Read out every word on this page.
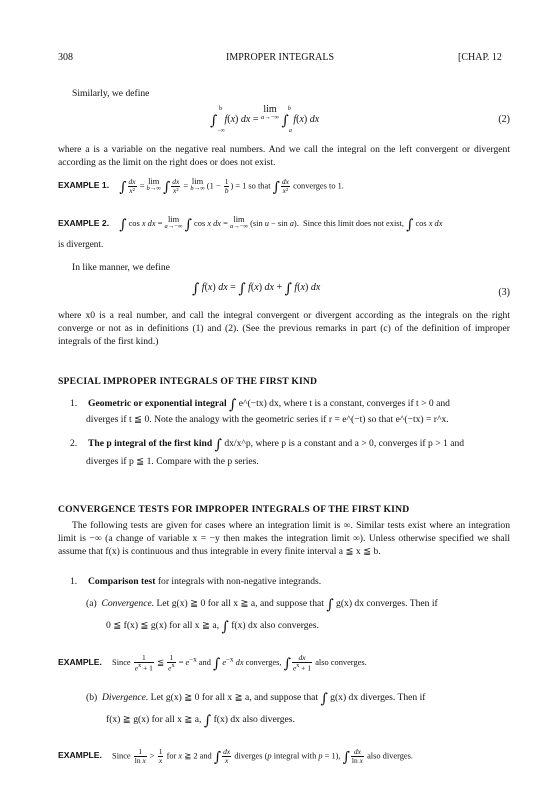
308	IMPROPER INTEGRALS	[CHAP. 12
Similarly, we define
$\int_{-\infty}^b$ f(x) dx = lim
a→−∞ $\int_a^b$ f(x) dx	(2)
where a is a variable on the negative real numbers. And we call the integral on the left convergent or divergent according as the limit on the right does or does not exist.
EXAMPLE 1. ∫ $\frac{dx}{\text{x²}} = \lim$
b→∞ ∫ $\frac{dx}{\text{x²}} = \lim$
b→∞ ($1 - \frac{1}{b}$ ) = 1 so that ∫ $\frac{dx}{\text{x²}}$ converges to 1.
EXAMPLE 2. ∫ cos x dx = lim
a→−∞ ∫ cos x dx = lim
a→−∞ (sin u − sin a).  Since this limit does not exist, ∫ cos x dx
is divergent.
In like manner, we define
∫ f(x) dx = ∫ f(x) dx + ∫ f(x) dx	(3)
where x0 is a real number, and call the integral convergent or divergent according as the integrals on the right converge or not as in definitions (1) and (2). (See the previous remarks in part (c) of the definition of improper integrals of the first kind.)
SPECIAL IMPROPER INTEGRALS OF THE FIRST KIND
1. Geometric or exponential integral ∫ e^(−tx) dx, where t is a constant, converges if t > 0 and
diverges if t ≦ 0. Note the analogy with the geometric series if r = e^(−t) so that e^(−tx) = r^x.
2. The p integral of the first kind ∫ dx/x^p, where p is a constant and a > 0, converges if p > 1 and
diverges if p ≦ 1. Compare with the p series.
CONVERGENCE TESTS FOR IMPROPER INTEGRALS OF THE FIRST KIND
The following tests are given for cases where an integration limit is ∞. Similar tests exist where an integration limit is −∞ (a change of variable x = −y then makes the integration limit ∞). Unless otherwise specified we shall assume that f(x) is continuous and thus integrable in every finite interval a ≦ x ≦ b.
1. Comparison test for integrals with non-negative integrands.
(a) Convergence. Let g(x) ≧ 0 for all x ≧ a, and suppose that ∫ g(x) dx converges. Then if
0 ≦ f(x) ≦ g(x) for all x ≧ a, ∫ f(x) dx also converges.
EXAMPLE. Since $\frac{1}{e^x + 1}$ ≦ $\frac{1}{e^x} = e^{-x}$ and ∫ $e^{-x}$ dx converges, ∫ $\frac{dx}{e^x + 1}$ also converges.
(b) Divergence. Let g(x) ≧ 0 for all x ≧ a, and suppose that ∫ g(x) dx diverges. Then if
f(x) ≧ g(x) for all x ≧ a, ∫ f(x) dx also diverges.
EXAMPLE. Since $\frac{1}{\text{ln x}} > \frac{1}{x}$ for x ≧ 2 and ∫ $\frac{dx}{x}$ diverges (p integral with p = 1), ∫ $\frac{dx}{\text{ln x}}$ also diverges.
